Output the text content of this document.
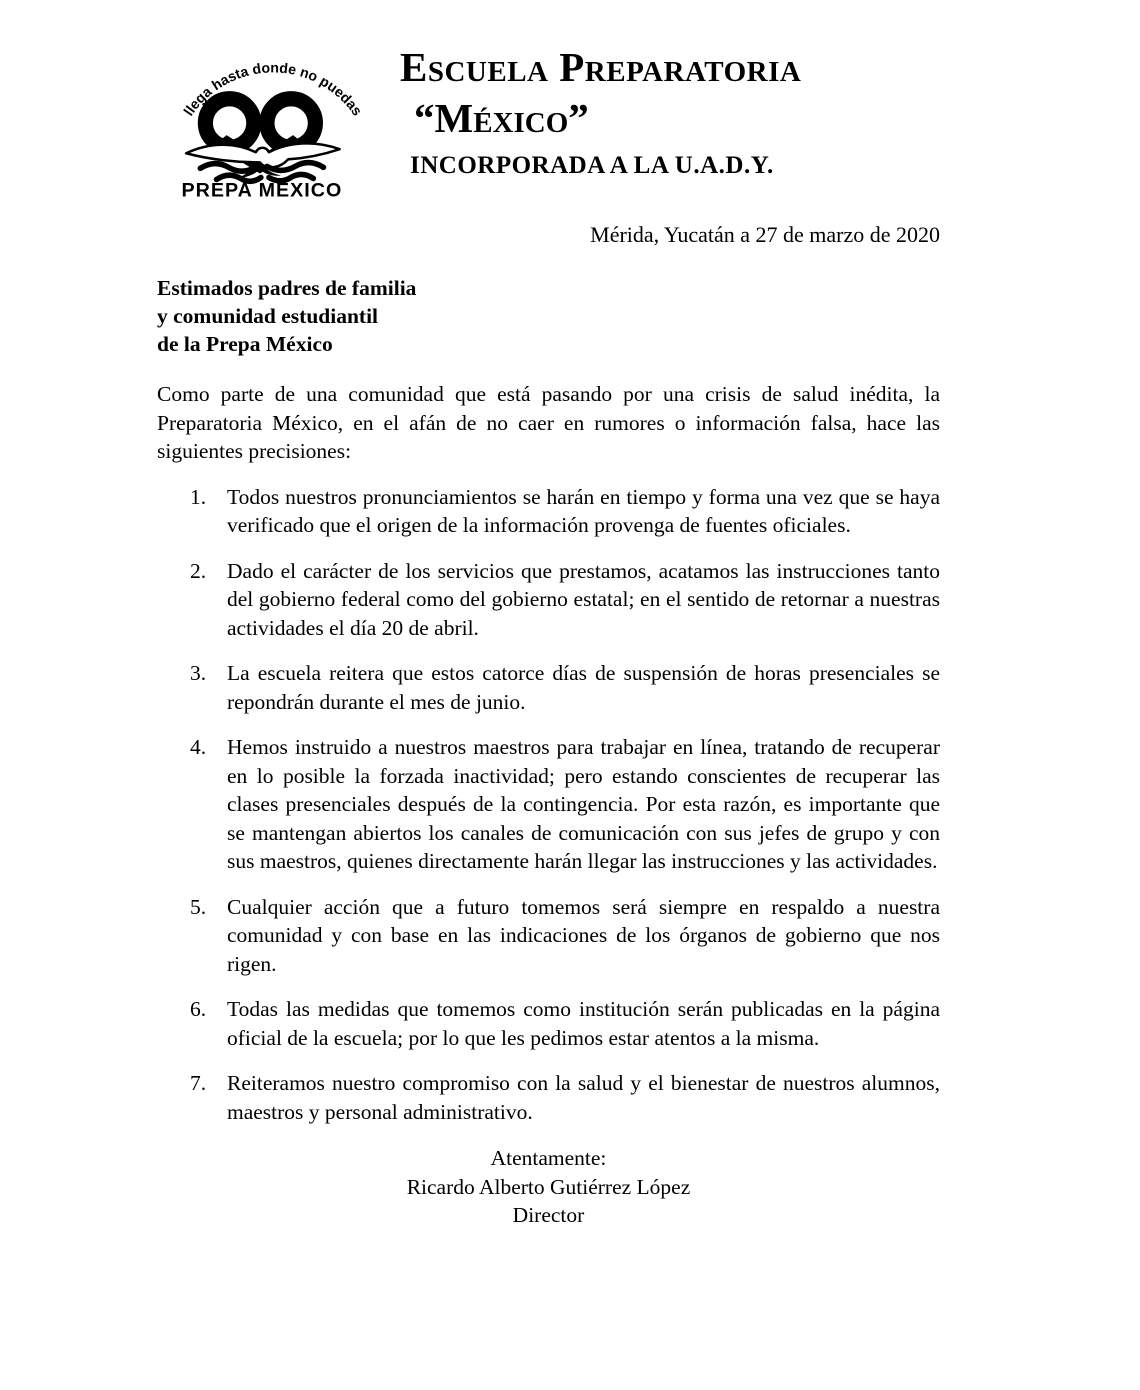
llega hasta donde no puedas
PREPA MEXICO
Escuela Preparatoria
“México”
INCORPORADA A LA U.A.D.Y.
Mérida, Yucatán a 27 de marzo de 2020
Estimados padres de familia
y comunidad estudiantil
de la Prepa México
Como parte de una comunidad que está pasando por una crisis de salud inédita, la Preparatoria México, en el afán de no caer en rumores o información falsa, hace las siguientes precisiones:
1. Todos nuestros pronunciamientos se harán en tiempo y forma una vez que se haya verificado que el origen de la información provenga de fuentes oficiales.
2. Dado el carácter de los servicios que prestamos, acatamos las instrucciones tanto del gobierno federal como del gobierno estatal; en el sentido de retornar a nuestras actividades el día 20 de abril.
3. La escuela reitera que estos catorce días de suspensión de horas presenciales se repondrán durante el mes de junio.
4. Hemos instruido a nuestros maestros para trabajar en línea, tratando de recuperar en lo posible la forzada inactividad; pero estando conscientes de recuperar las clases presenciales después de la contingencia. Por esta razón, es importante que se mantengan abiertos los canales de comunicación con sus jefes de grupo y con sus maestros, quienes directamente harán llegar las instrucciones y las actividades.
5. Cualquier acción que a futuro tomemos será siempre en respaldo a nuestra comunidad y con base en las indicaciones de los órganos de gobierno que nos rigen.
6. Todas las medidas que tomemos como institución serán publicadas en la página oficial de la escuela; por lo que les pedimos estar atentos a la misma.
7. Reiteramos nuestro compromiso con la salud y el bienestar de nuestros alumnos, maestros y personal administrativo.
Atentamente:
Ricardo Alberto Gutiérrez López
Director
